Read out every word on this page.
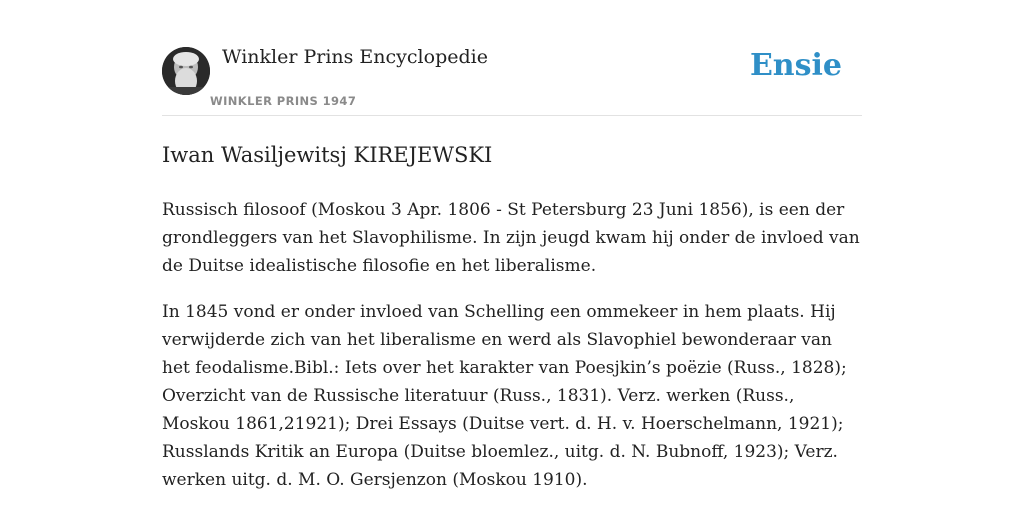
Winkler Prins Encyclopedie
WINKLER PRINS 1947
Ensie
Iwan Wasiljewitsj KIREJEWSKI

Russisch filosoof (Moskou 3 Apr. 1806 - St Petersburg 23 Juni 1856), is een der grondleggers van het Slavophilisme. In zijn jeugd kwam hij onder de invloed van de Duitse idealistische filosofie en het liberalisme.

In 1845 vond er onder invloed van Schelling een ommekeer in hem plaats. Hij verwijderde zich van het liberalisme en werd als Slavophiel bewonderaar van het feodalisme.Bibl.: Iets over het karakter van Poesjkin’s poëzie (Russ., 1828); Overzicht van de Russische literatuur (Russ., 1831). Verz. werken (Russ., Moskou 1861,21921); Drei Essays (Duitse vert. d. H. v. Hoerschelmann, 1921); Russlands Kritik an Europa (Duitse bloemlez., uitg. d. N. Bubnoff, 1923); Verz. werken uitg. d. M. O. Gersjenzon (Moskou 1910).
